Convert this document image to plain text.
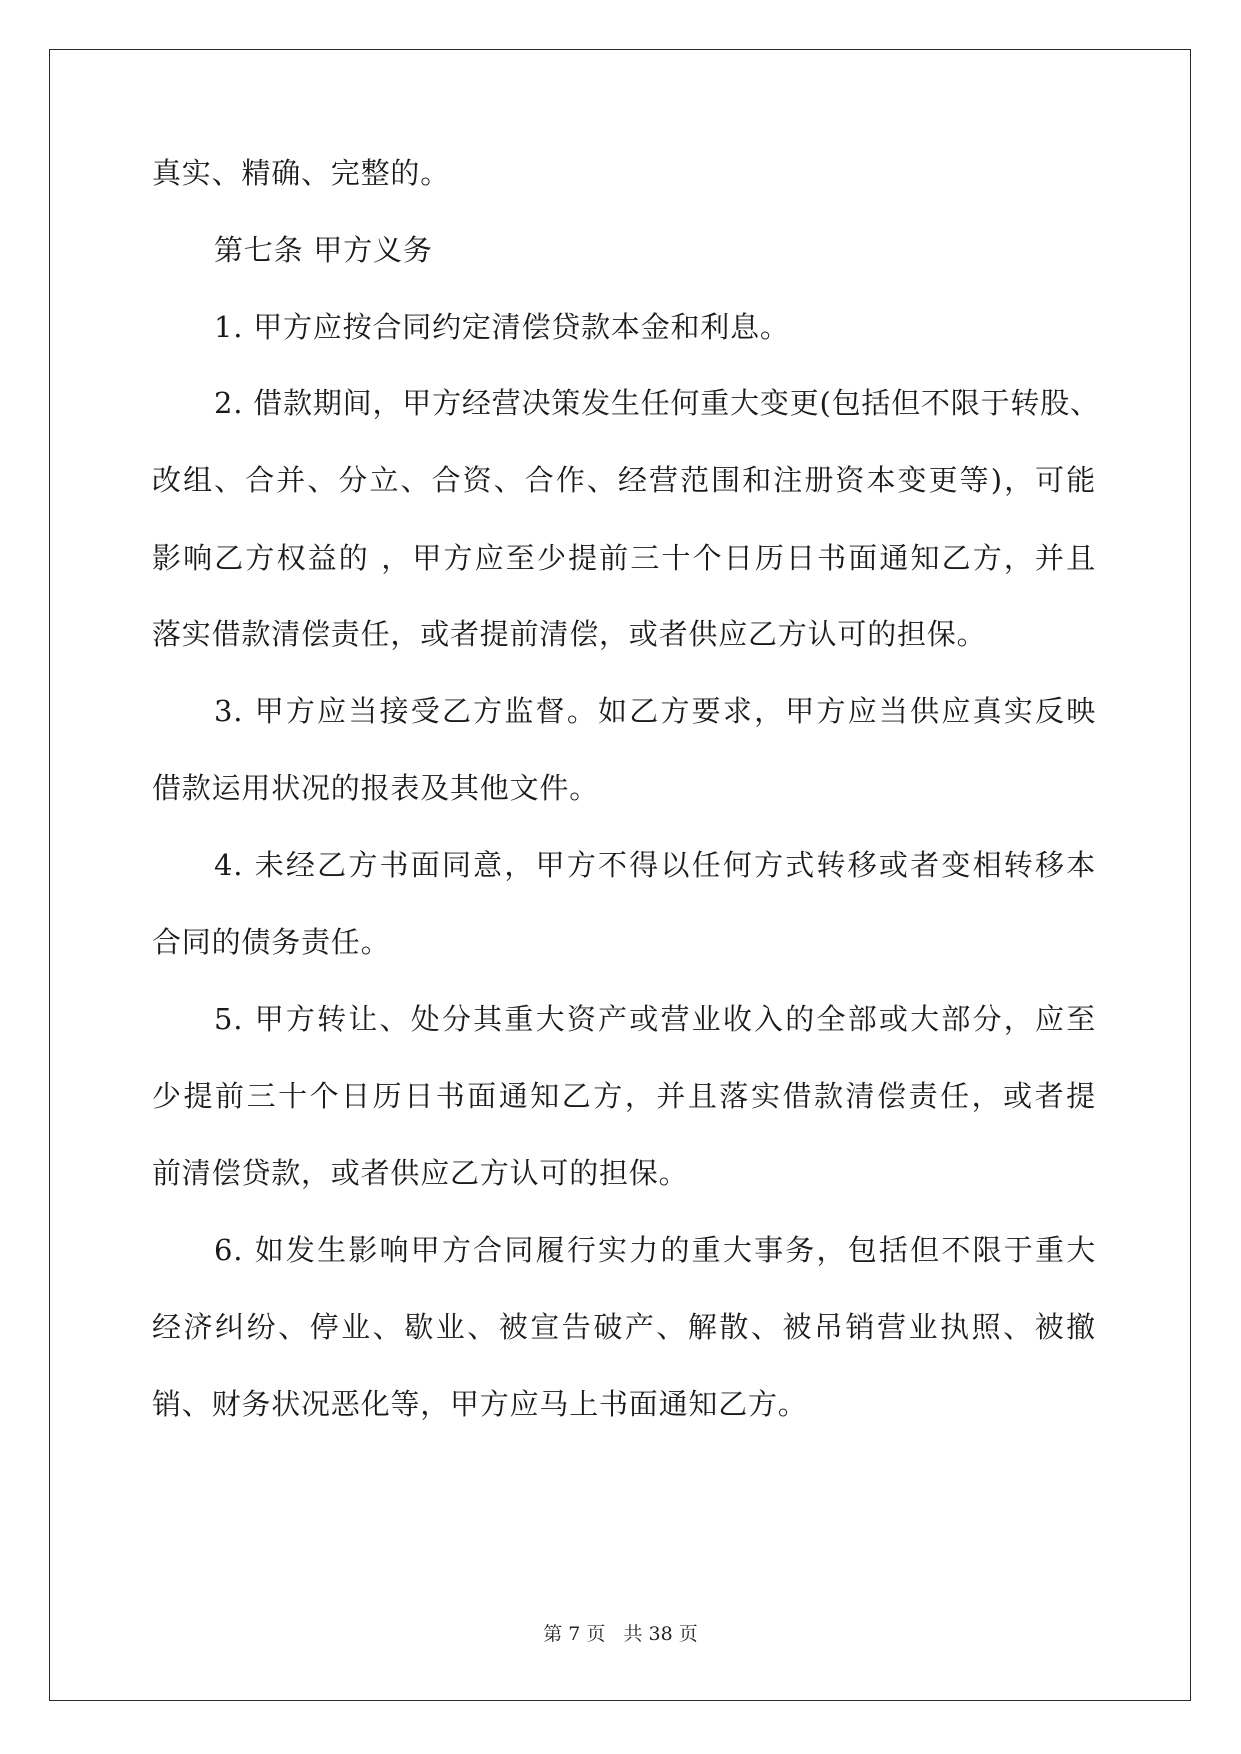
真实、精确、完整的。
第七条 甲方义务
1. 甲方应按合同约定清偿贷款本金和利息。
2. 借款期间，甲方经营决策发生任何重大变更(包括但不限于转股、
改组、合并、分立、合资、合作、经营范围和注册资本变更等)，可能
影响乙方权益的 ，甲方应至少提前三十个日历日书面通知乙方，并且
落实借款清偿责任，或者提前清偿，或者供应乙方认可的担保。
3. 甲方应当接受乙方监督。如乙方要求，甲方应当供应真实反映
借款运用状况的报表及其他文件。
4. 未经乙方书面同意，甲方不得以任何方式转移或者变相转移本
合同的债务责任。
5. 甲方转让、处分其重大资产或营业收入的全部或大部分，应至
少提前三十个日历日书面通知乙方，并且落实借款清偿责任，或者提
前清偿贷款，或者供应乙方认可的担保。
6. 如发生影响甲方合同履行实力的重大事务，包括但不限于重大
经济纠纷、停业、歇业、被宣告破产、解散、被吊销营业执照、被撤
销、财务状况恶化等，甲方应马上书面通知乙方。
第 7 页 共 38 页
